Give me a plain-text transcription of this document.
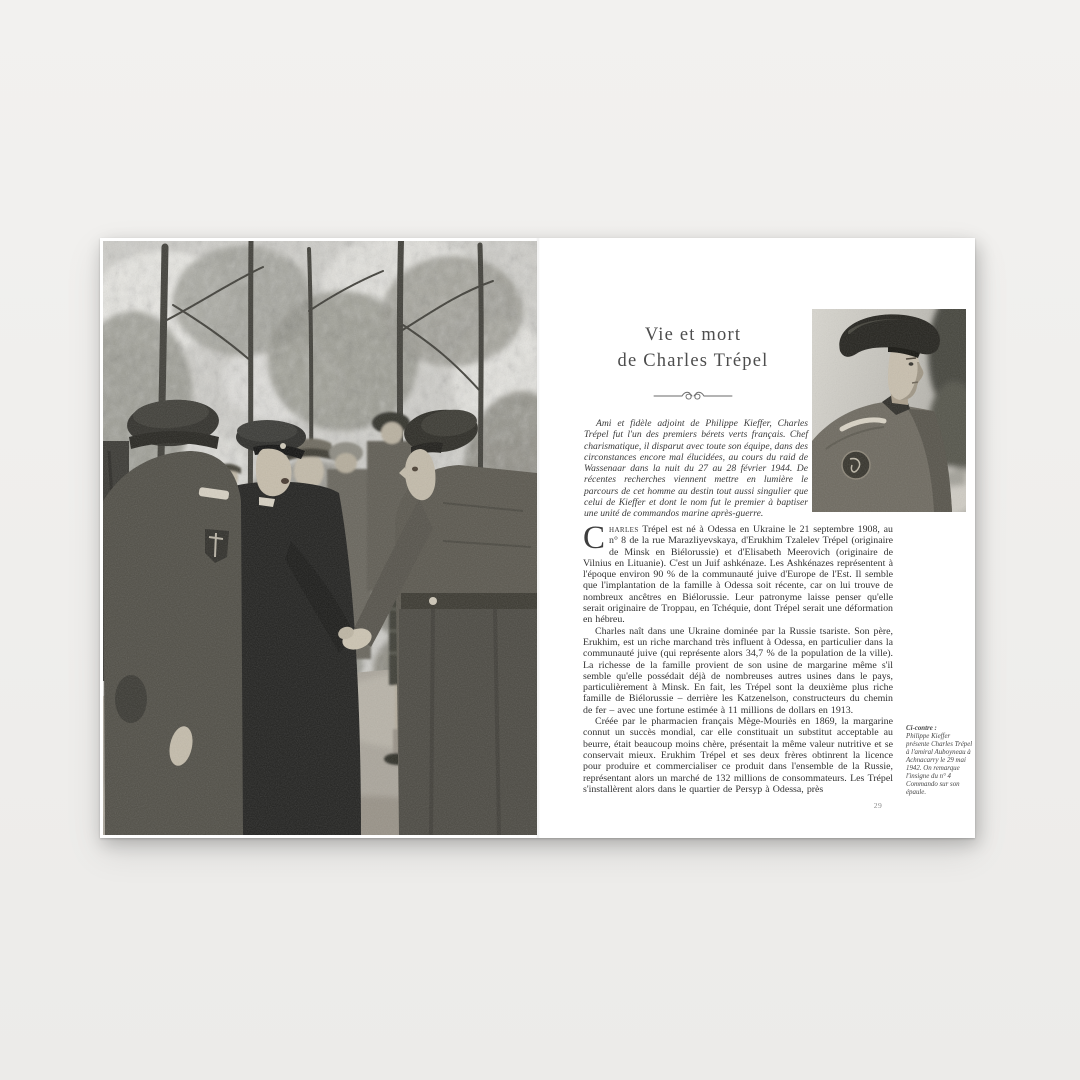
Vie et mort
de Charles Trépel

Ami et fidèle adjoint de Philippe Kieffer, Charles Trépel fut l'un des premiers bérets verts français. Chef charismatique, il disparut avec toute son équipe, dans des circonstances encore mal élucidées, au cours du raid de Wassenaar dans la nuit du 27 au 28 février 1944. De récentes recherches viennent mettre en lumière le parcours de cet homme au destin tout aussi singulier que celui de Kieffer et dont le nom fut le premier à baptiser une unité de commandos marine après-guerre.

Charles Trépel est né à Odessa en Ukraine le 21 septembre 1908, au n° 8 de la rue Marazliyevskaya, d'Erukhim Tzalelev Trépel (originaire de Minsk en Biélorussie) et d'Elisabeth Meerovich (originaire de Vilnius en Lituanie). C'est un Juif ashkénaze. Les Ashkénazes représentent à l'époque environ 90 % de la communauté juive d'Europe de l'Est. Il semble que l'implantation de la famille à Odessa soit récente, car on lui trouve de nombreux ancêtres en Biélorussie. Leur patronyme laisse penser qu'elle serait originaire de Troppau, en Tchéquie, dont Trépel serait une déformation en hébreu.

Charles naît dans une Ukraine dominée par la Russie tsariste. Son père, Erukhim, est un riche marchand très influent à Odessa, en particulier dans la communauté juive (qui représente alors 34,7 % de la population de la ville). La richesse de la famille provient de son usine de margarine même s'il semble qu'elle possédait déjà de nombreuses autres usines dans le pays, particulièrement à Minsk. En fait, les Trépel sont la deuxième plus riche famille de Biélorussie – derrière les Katzenelson, constructeurs du chemin de fer – avec une fortune estimée à 11 millions de dollars en 1913.

Créée par le pharmacien français Mège-Mouriès en 1869, la margarine connut un succès mondial, car elle constituait un substitut acceptable au beurre, était beaucoup moins chère, présentait la même valeur nutritive et se conservait mieux. Erukhim Trépel et ses deux frères obtinrent la licence pour produire et commercialiser ce produit dans l'ensemble de la Russie, représentant alors un marché de 132 millions de consommateurs. Les Trépel s'installèrent alors dans le quartier de Persyp à Odessa, près

Ci-contre :
Philippe Kieffer présente Charles Trépel à l'amiral Auboyneau à Achnacarry le 29 mai 1942. On remarque l'insigne du n° 4 Commando sur son épaule.
29
